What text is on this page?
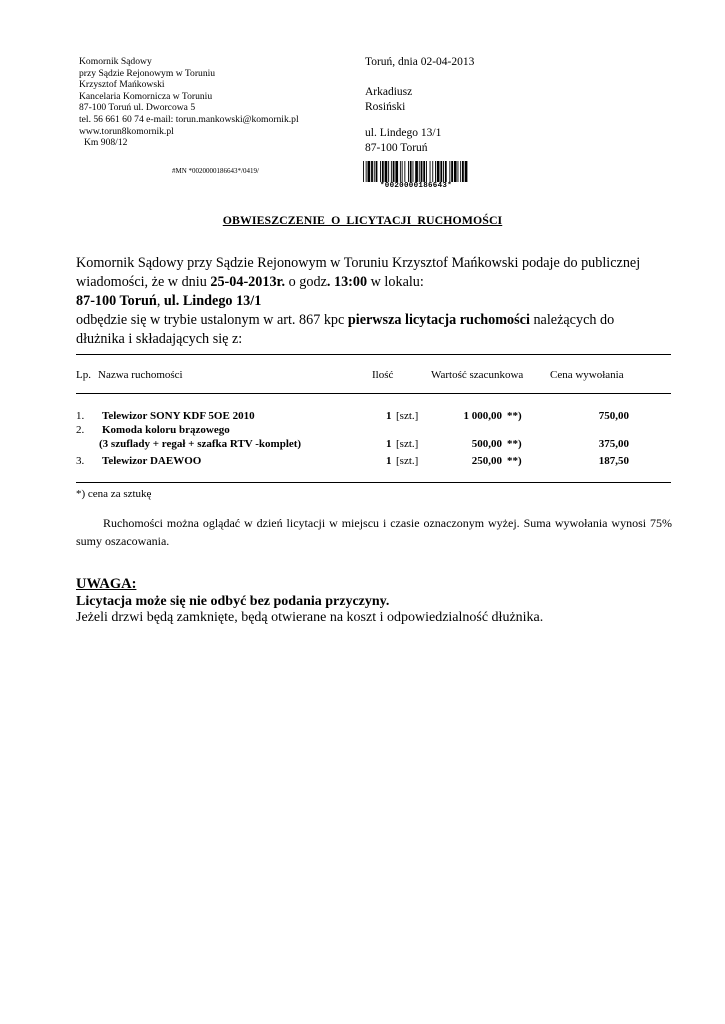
Komornik Sądowy
przy Sądzie Rejonowym w Toruniu
Krzysztof Mańkowski
Kancelaria Komornicza w Toruniu
87-100 Toruń ul. Dworcowa 5
tel. 56 661 60 74 e-mail: torun.mankowski@komornik.pl
www.torun8komornik.pl
Km 908/12
Toruń, dnia 02-04-2013
Arkadiusz
Rosiński
ul. Lindego 13/1
87-100 Toruń
#MN *0020000186643*/0419/
*0020000186643*
OBWIESZCZENIE O LICYTACJI RUCHOMOŚCI
Komornik Sądowy przy Sądzie Rejonowym w Toruniu Krzysztof Mańkowski podaje do publicznej
wiadomości, że w dniu 25-04-2013r. o godz. 13:00 w lokalu:
87-100 Toruń, ul. Lindego 13/1
odbędzie się w trybie ustalonym w art. 867 kpc pierwsza licytacja ruchomości należących do
dłużnika i składających się z:
Lp. Nazwa ruchomości	Ilość	Wartość szacunkowa Cena wywołania
1. Telewizor SONY KDF 5OE 2010	1 [szt.]	1 000,00 **)	750,00
2. Komoda koloru brązowego
(3 szuflady + regał + szafka RTV -komplet)	1 [szt.]	500,00 **)	375,00
3. Telewizor DAEWOO	1 [szt.]	250,00 **)	187,50
*) cena za sztukę
Ruchomości można oglądać w dzień licytacji w miejscu i czasie oznaczonym wyżej. Suma wywołania wynosi 75% sumy oszacowania.
UWAGA:
Licytacja może się nie odbyć bez podania przyczyny.
Jeżeli drzwi będą zamknięte, będą otwierane na koszt i odpowiedzialność dłużnika.
